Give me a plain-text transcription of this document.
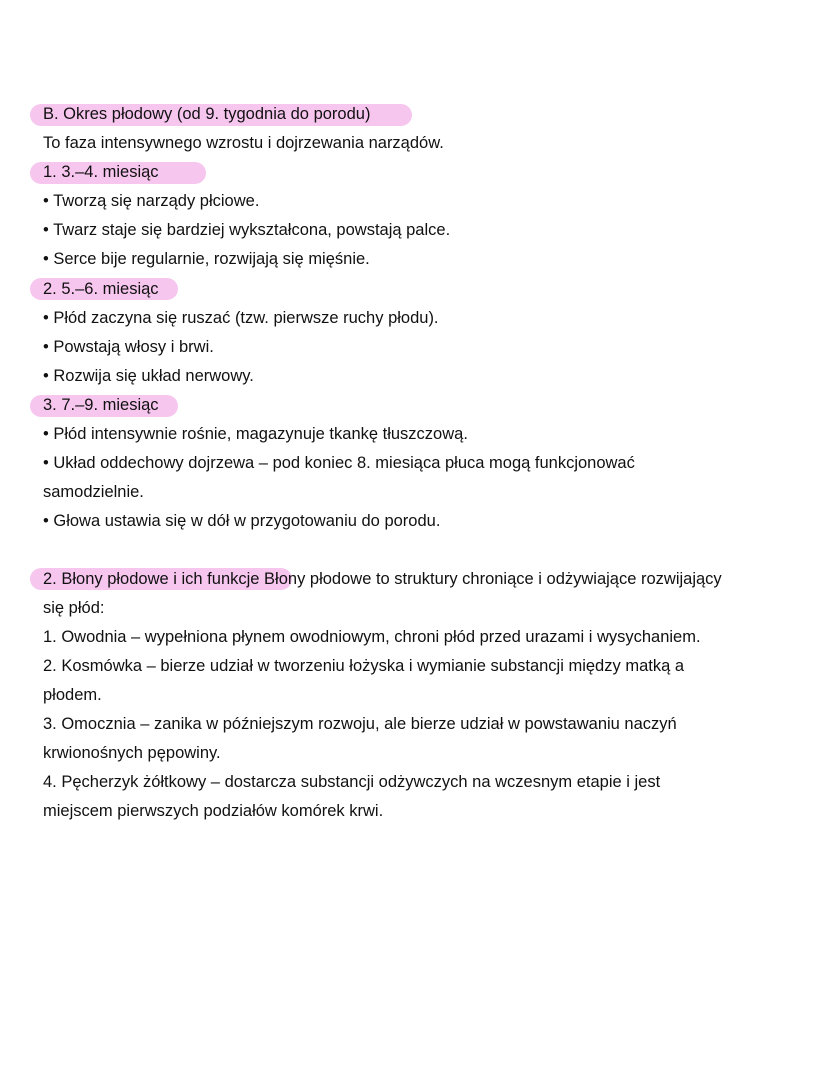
B. Okres płodowy (od 9. tygodnia do porodu)
To faza intensywnego wzrostu i dojrzewania narządów.
1. 3.–4. miesiąc
• Tworzą się narządy płciowe.
• Twarz staje się bardziej wykształcona, powstają palce.
• Serce bije regularnie, rozwijają się mięśnie.
2. 5.–6. miesiąc
• Płód zaczyna się ruszać (tzw. pierwsze ruchy płodu).
• Powstają włosy i brwi.
• Rozwija się układ nerwowy.
3. 7.–9. miesiąc
• Płód intensywnie rośnie, magazynuje tkankę tłuszczową.
• Układ oddechowy dojrzewa – pod koniec 8. miesiąca płuca mogą funkcjonować
samodzielnie.
• Głowa ustawia się w dół w przygotowaniu do porodu.
2. Błony płodowe i ich funkcje Błony płodowe to struktury chroniące i odżywiające rozwijający
się płód:
1. Owodnia – wypełniona płynem owodniowym, chroni płód przed urazami i wysychaniem.
2. Kosmówka – bierze udział w tworzeniu łożyska i wymianie substancji między matką a
płodem.
3. Omocznia – zanika w późniejszym rozwoju, ale bierze udział w powstawaniu naczyń
krwionośnych pępowiny.
4. Pęcherzyk żółtkowy – dostarcza substancji odżywczych na wczesnym etapie i jest
miejscem pierwszych podziałów komórek krwi.
